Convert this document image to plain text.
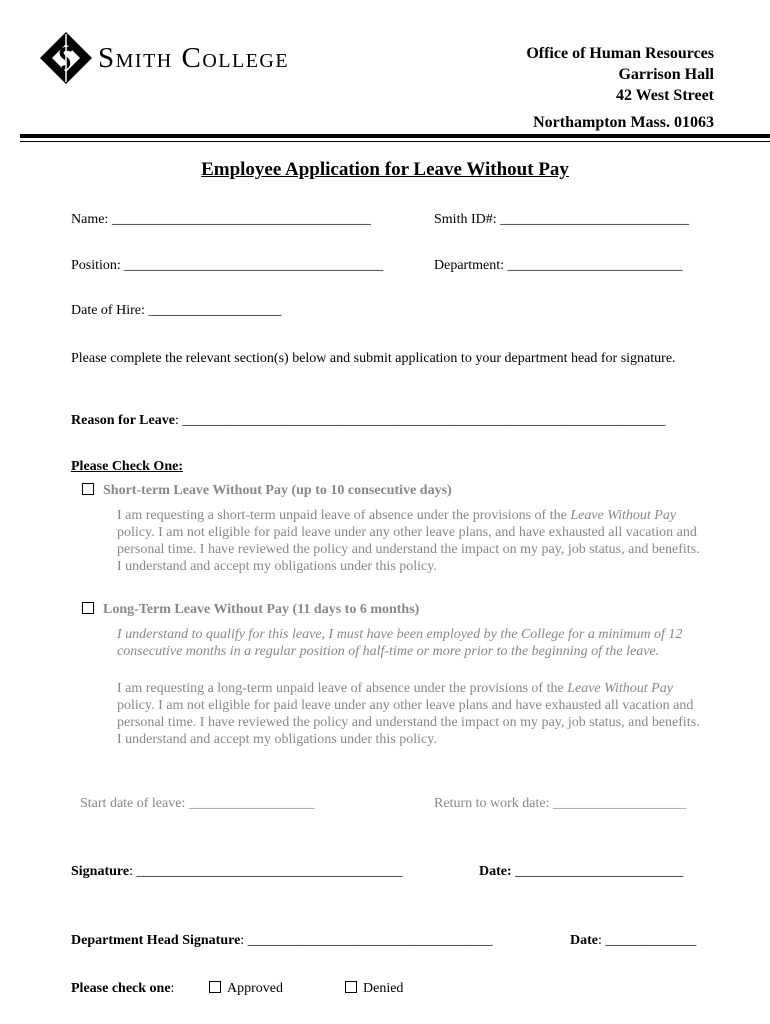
Smith College	Office of Human Resources
Garrison Hall
42 West Street
Northampton Mass. 01063
Employee Application for Leave Without Pay
Name: _____________________________________	Smith ID#: ___________________________
Position: _____________________________________	Department: _________________________
Date of Hire: ___________________
Please complete the relevant section(s) below and submit application to your department head for signature.
Reason for Leave: _____________________________________________________________________
Please Check One:
Short-term Leave Without Pay (up to 10 consecutive days)
I am requesting a short-term unpaid leave of absence under the provisions of the Leave Without Pay policy. I am not eligible for paid leave under any other leave plans, and have exhausted all vacation and personal time. I have reviewed the policy and understand the impact on my pay, job status, and benefits. I understand and accept my obligations under this policy.
Long-Term Leave Without Pay (11 days to 6 months)
I understand to qualify for this leave, I must have been employed by the College for a minimum of 12 consecutive months in a regular position of half-time or more prior to the beginning of the leave.
I am requesting a long-term unpaid leave of absence under the provisions of the Leave Without Pay policy. I am not eligible for paid leave under any other leave plans and have exhausted all vacation and personal time. I have reviewed the policy and understand the impact on my pay, job status, and benefits. I understand and accept my obligations under this policy.
Start date of leave: __________________	Return to work date: ___________________
Signature: ______________________________________	Date: ________________________
Department Head Signature: ___________________________________	Date: _____________
Please check one:	Approved	Denied
